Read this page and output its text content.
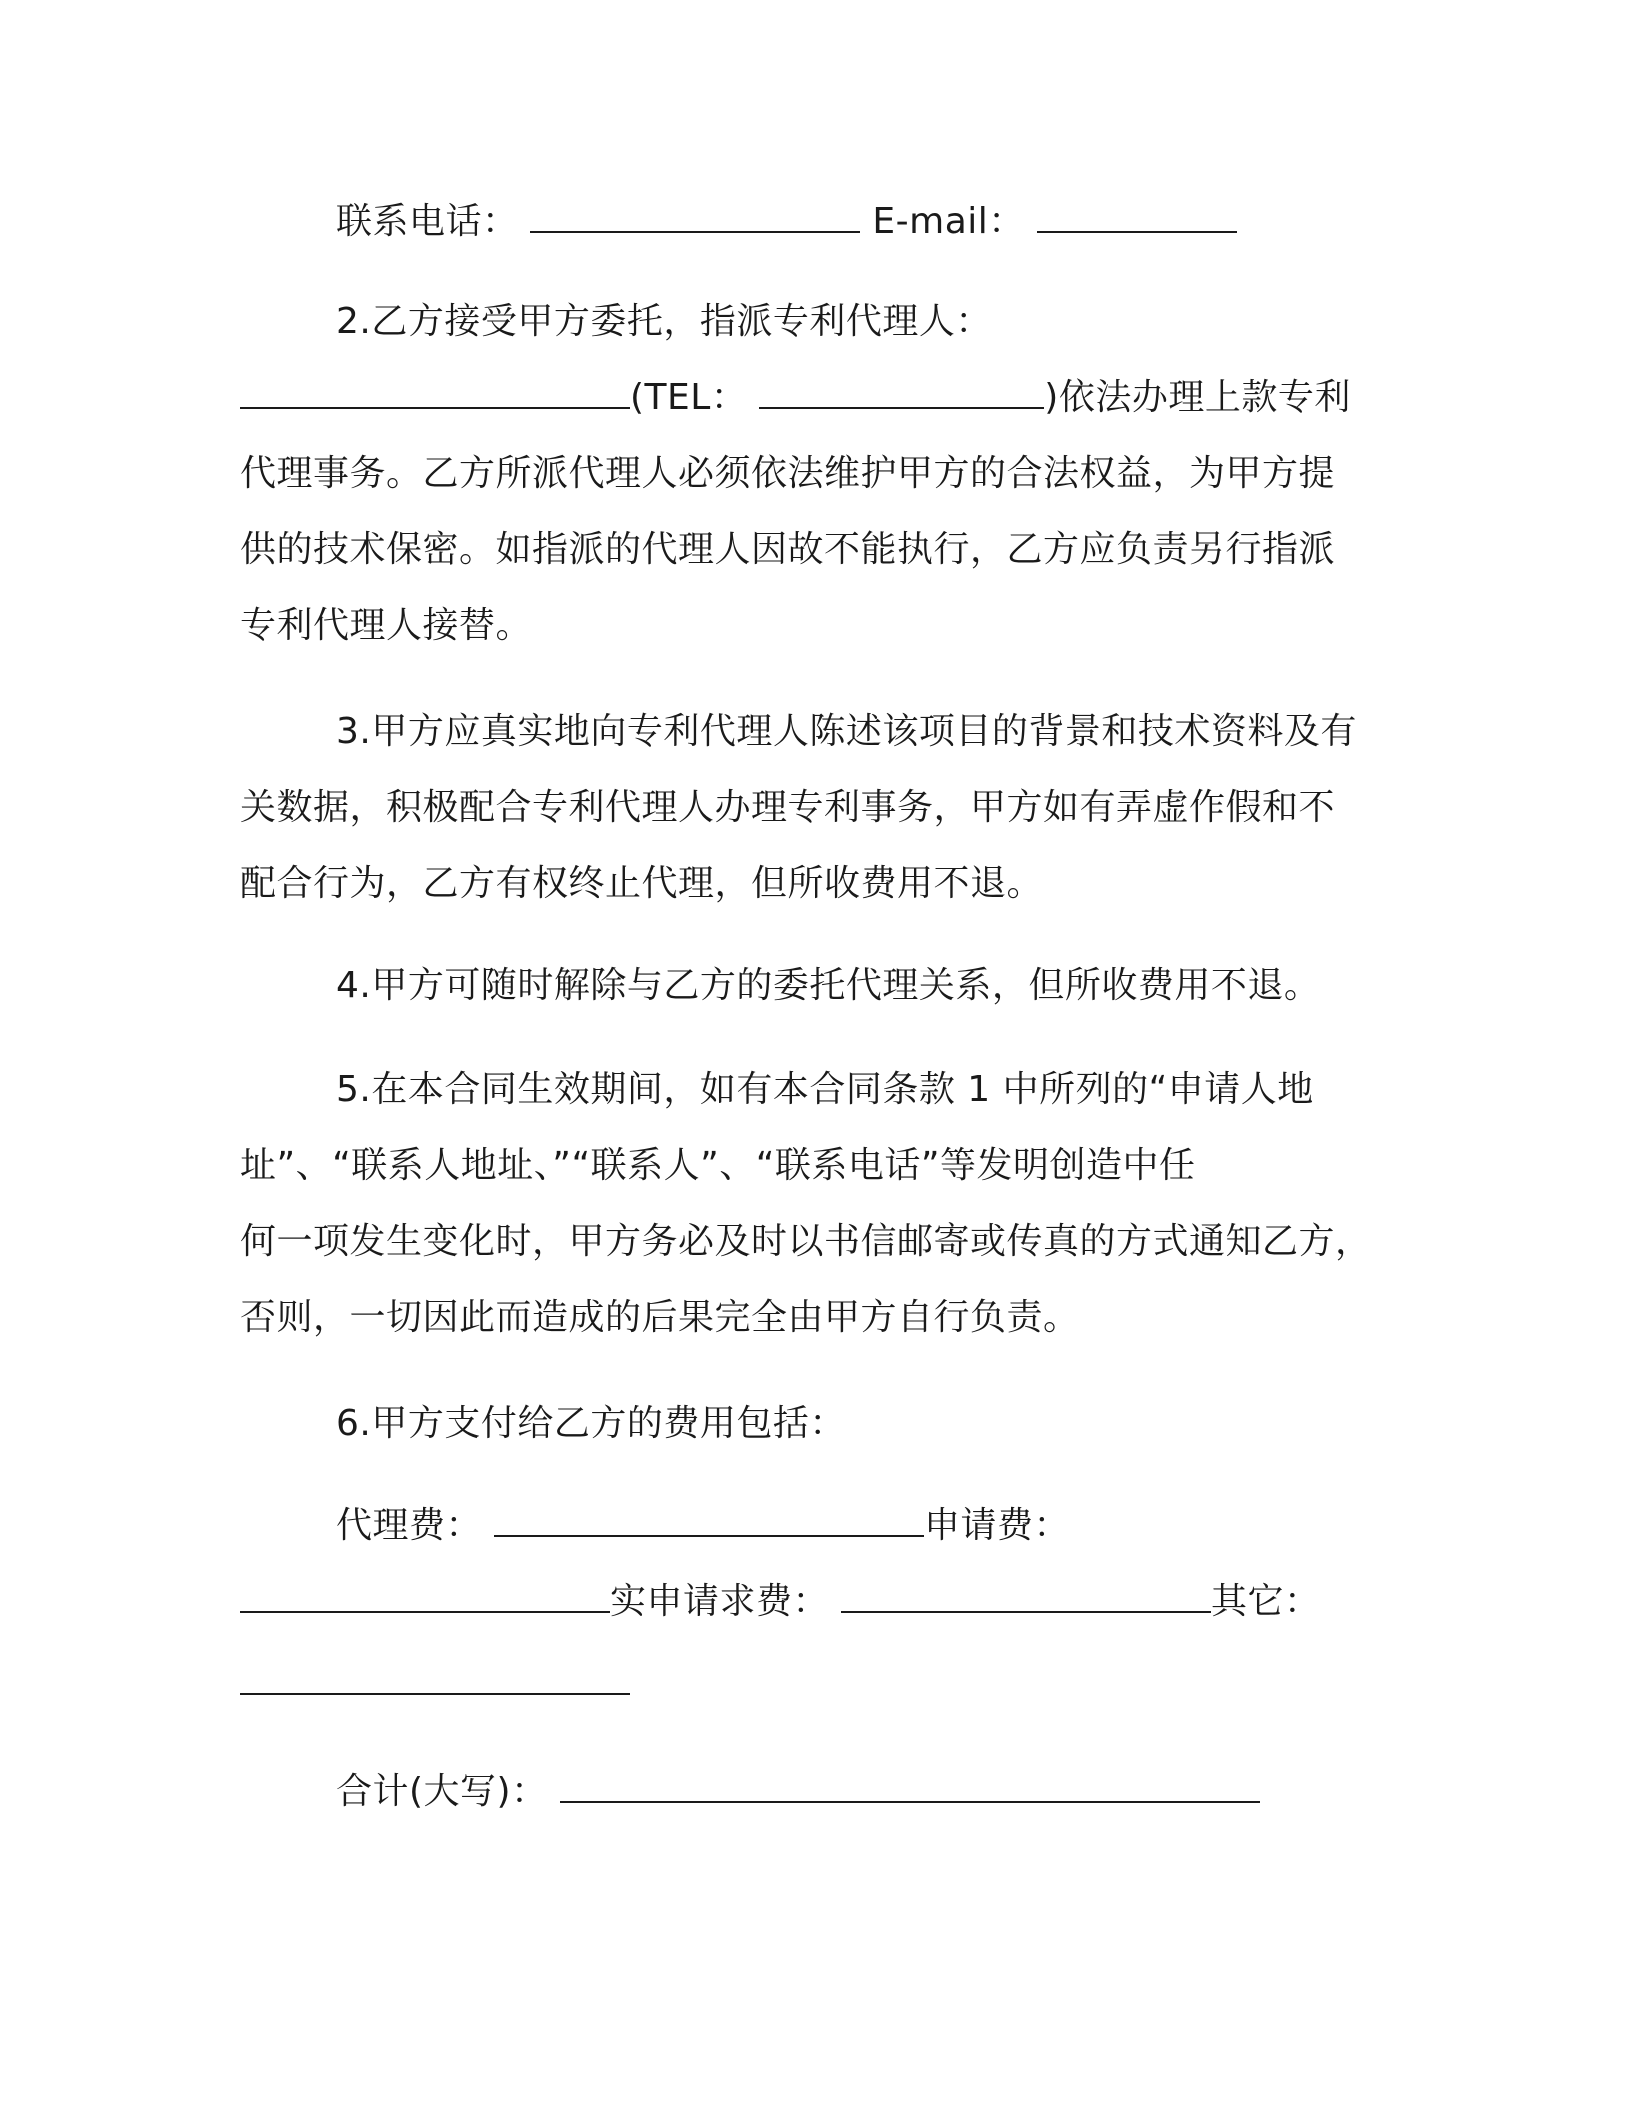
联系电话：	E-mail：
2.乙方接受甲方委托，指派专利代理人：
(TEL：	)依法办理上款专利
代理事务。乙方所派代理人必须依法维护甲方的合法权益，为甲方提
供的技术保密。如指派的代理人因故不能执行，乙方应负责另行指派
专利代理人接替。
3.甲方应真实地向专利代理人陈述该项目的背景和技术资料及有
关数据，积极配合专利代理人办理专利事务，甲方如有弄虚作假和不
配合行为，乙方有权终止代理，但所收费用不退。
4.甲方可随时解除与乙方的委托代理关系，但所收费用不退。
5.在本合同生效期间，如有本合同条款 1 中所列的“申请人地
址”、“联系人地址、”“联系人”、“联系电话”等发明创造中任
何一项发生变化时，甲方务必及时以书信邮寄或传真的方式通知乙方，
否则，一切因此而造成的后果完全由甲方自行负责。
6.甲方支付给乙方的费用包括：
代理费：	申请费：
实申请求费：	其它：
合计(大写)：
